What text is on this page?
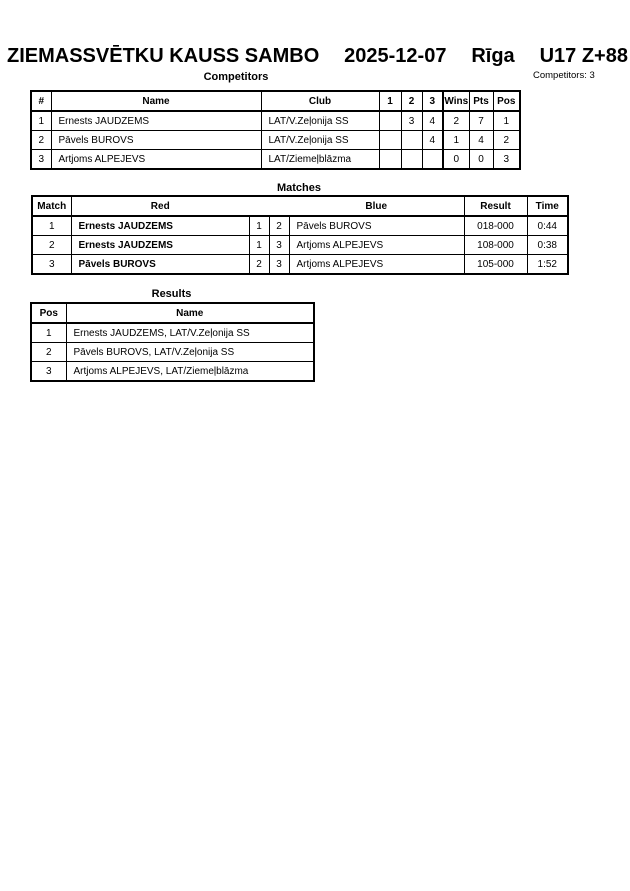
ZIEMASSVĒTKU KAUSS SAMBO 2025-12-07 Rīga U17 Z+88
Competitors	Competitors: 3
#	Name	Club	1	2	3	Wins	Pts	Pos
1	Ernests JAUDZEMS	LAT/V.Zeļonija SS		3	4	2	7	1
2	Pāvels BUROVS	LAT/V.Zeļonija SS			4	1	4	2
3	Artjoms ALPEJEVS	LAT/Ziemeļblāzma				0	0	3
Matches
Match	Red			Blue	Result	Time
1	Ernests JAUDZEMS	1	2	Pāvels BUROVS	018-000	0:44
2	Ernests JAUDZEMS	1	3	Artjoms ALPEJEVS	108-000	0:38
3	Pāvels BUROVS	2	3	Artjoms ALPEJEVS	105-000	1:52
Results
Pos	Name
1	Ernests JAUDZEMS, LAT/V.Zeļonija SS
2	Pāvels BUROVS, LAT/V.Zeļonija SS
3	Artjoms ALPEJEVS, LAT/Ziemeļblāzma
